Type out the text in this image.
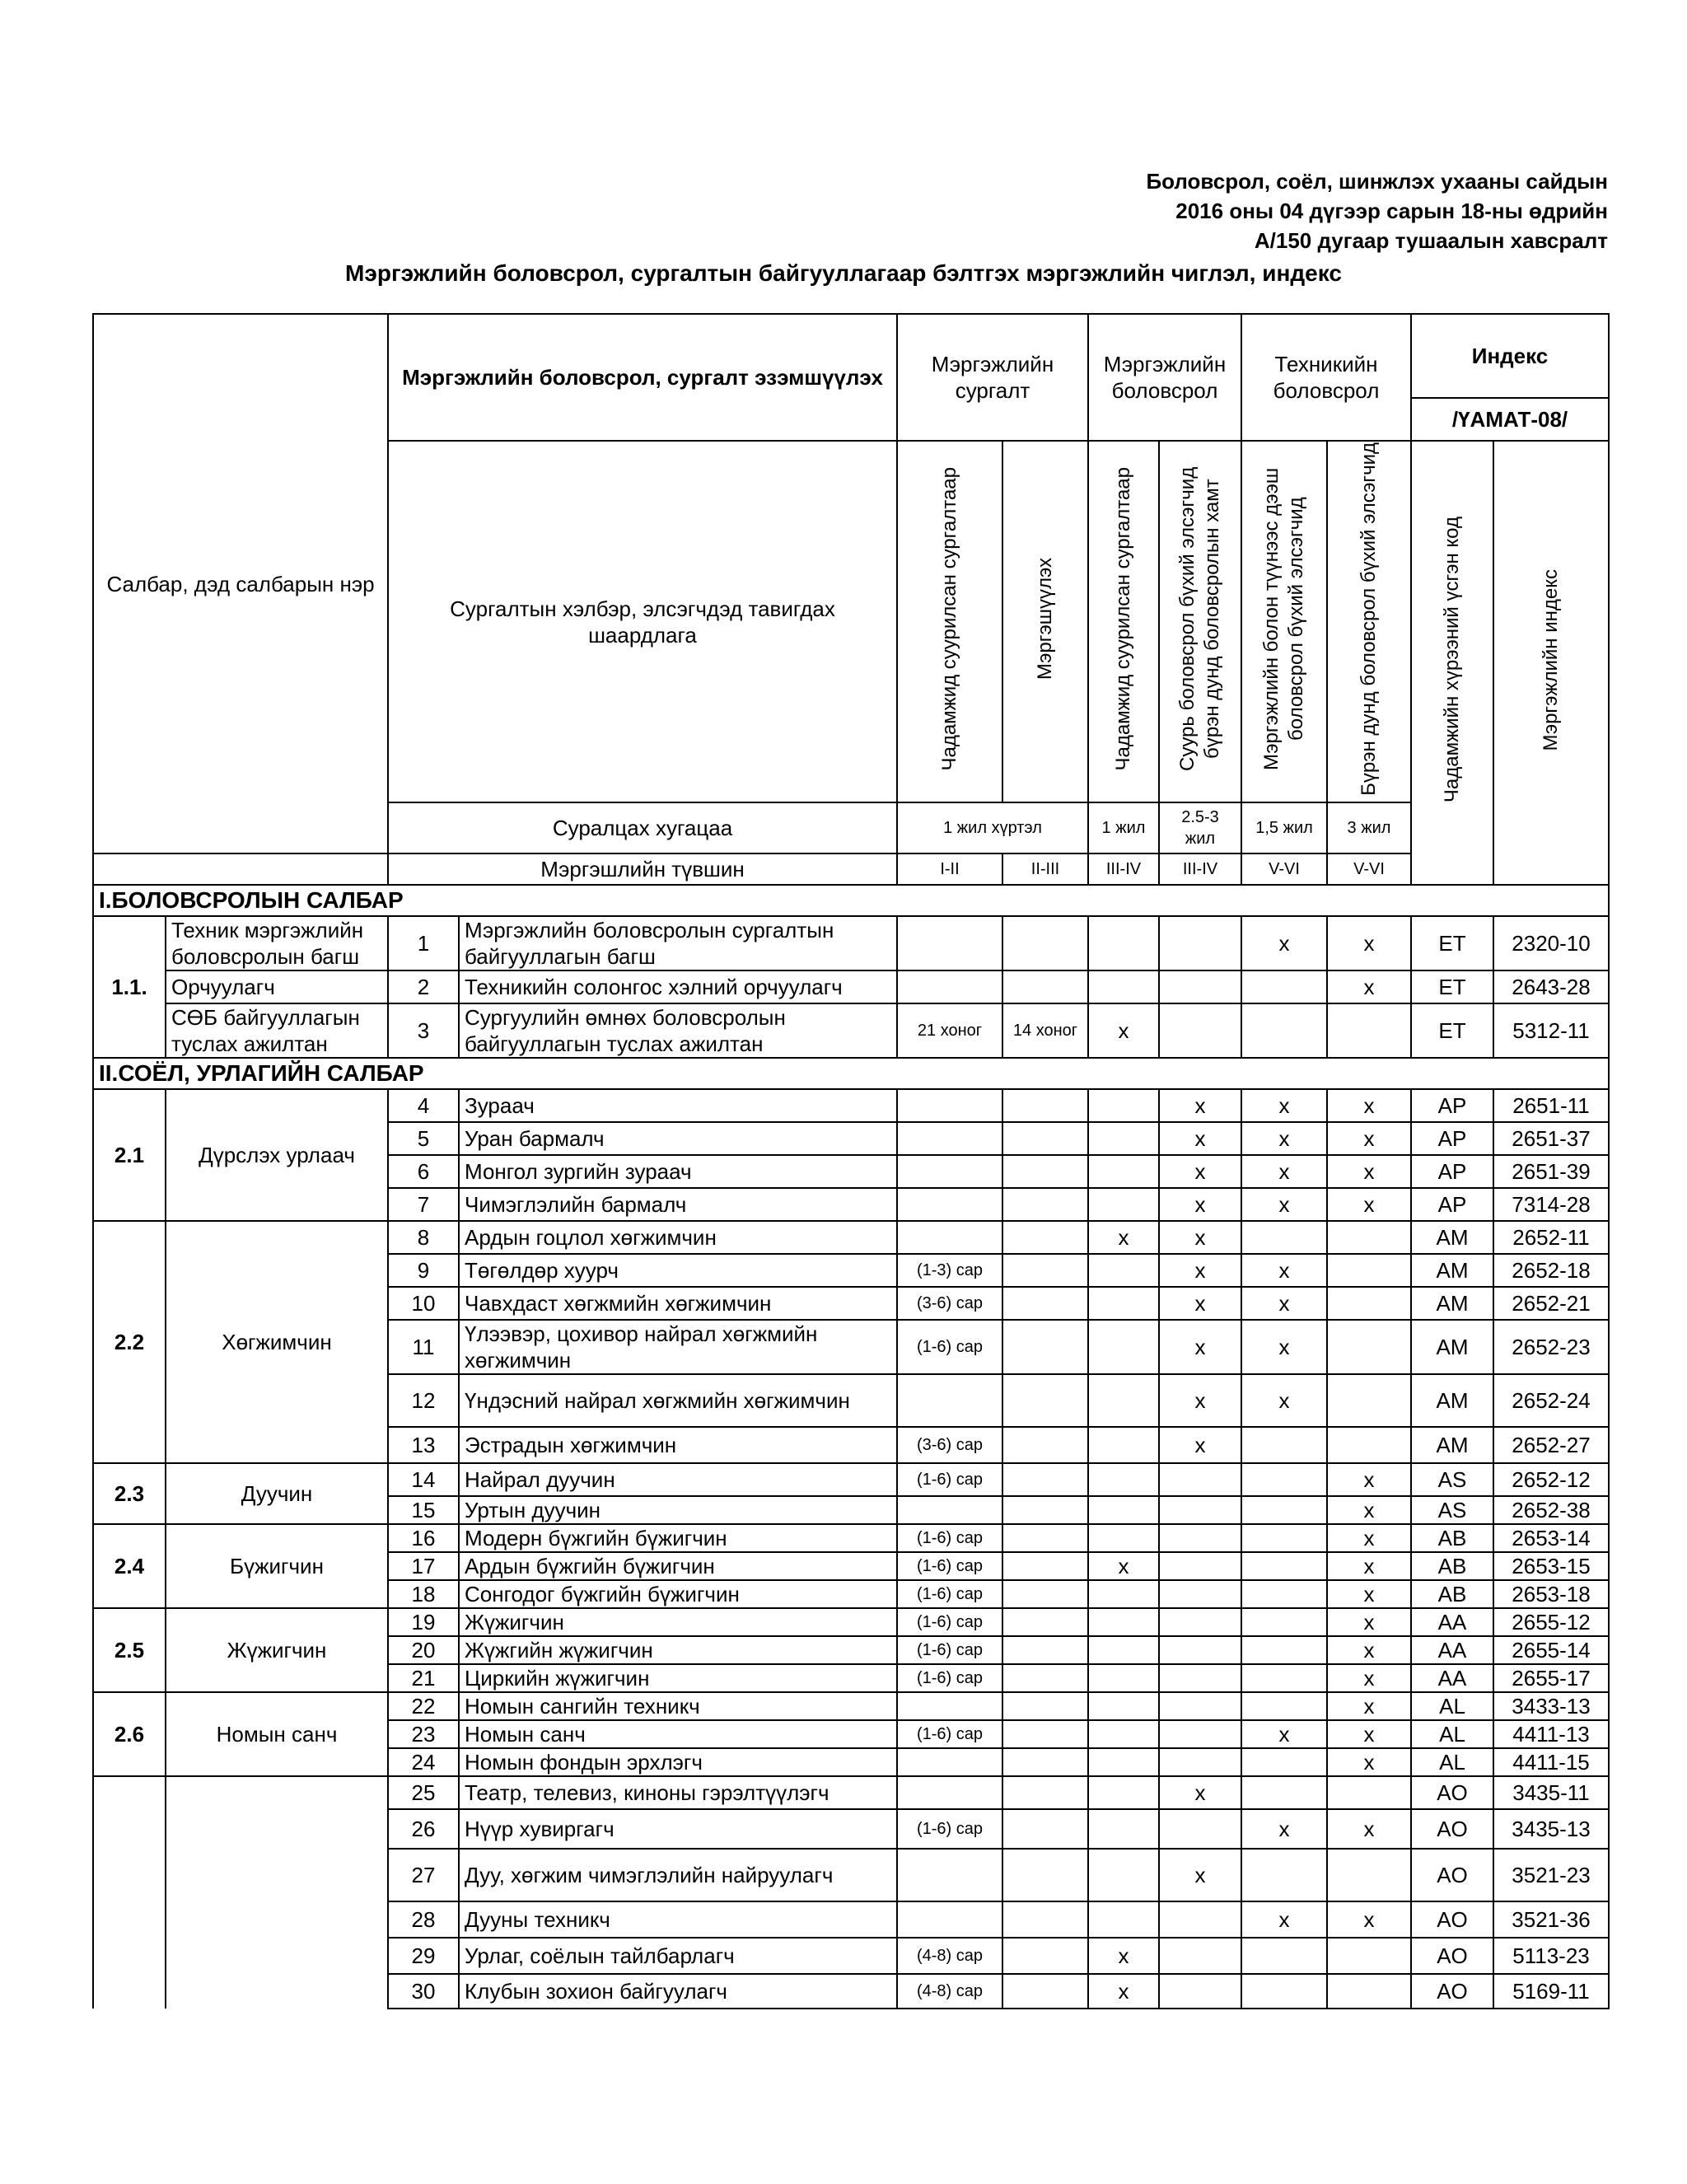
Боловсрол, соёл, шинжлэх ухааны сайдын
2016 оны 04 дүгээр сарын 18-ны өдрийн
А/150 дугаар тушаалын хавсралт
Мэргэжлийн боловсрол, сургалтын байгууллагаар бэлтгэх мэргэжлийн чиглэл, индекс
Салбар, дэд салбарын нэр		Мэргэжлийн боловсрол, сургалт эзэмшүүлэх		Мэргэжлийн сургалт		Мэргэжлийн боловсрол		Техникийн боловсрол		Индекс	
										/ҮАМАТ-08/	
		Сургалтын хэлбэр, элсэгчдэд тавигдах шаардлага		Чадамжид суурилсан сургалтаар	Мэргэшүүлэх	Чадамжид суурилсан сургалтаар	Суурь боловсрол бүхий элсэгчид бүрэн дунд боловсролын хамт	Мэргэжлийн болон түүнээс дээш боловсрол бүхий элсэгчид	Бүрэн дунд боловсрол бүхий элсэгчид	Чадамжийн хүрээний үсгэн код	Мэргэжлийн индекс
		Суралцах хугацаа		1 жил хүртэл		1 жил	2.5-3 жил	1,5 жил	3 жил		
		Мэргэшлийн түвшин		I-II	II-III	III-IV	III-IV	V-VI	V-VI		
I.БОЛОВСРОЛЫН САЛБАР											
1.1.	Техник мэргэжлийн боловсролын багш	1	Мэргэжлийн боловсролын сургалтын байгууллагын багш					x	x	ET	2320-10
	Орчуулагч	2	Техникийн солонгос хэлний орчуулагч						x	ET	2643-28
	СӨБ байгууллагын туслах ажилтан	3	Сургуулийн өмнөх боловсролын байгууллагын туслах ажилтан	21 хоног	14 хоног	x				ET	5312-11
II.СОЁЛ, УРЛАГИЙН САЛБАР											
2.1	Дүрслэх урлаач	4	Зураач				x	x	x	AP	2651-11
		5	Уран бармалч				x	x	x	AP	2651-37
		6	Монгол зургийн зураач				x	x	x	AP	2651-39
		7	Чимэглэлийн бармалч				x	x	x	AP	7314-28
2.2	Хөгжимчин	8	Ардын гоцлол хөгжимчин			x	x			AM	2652-11
		9	Төгөлдөр хуурч	(1-3) сар			x	x		AM	2652-18
		10	Чавхдаст хөгжмийн хөгжимчин	(3-6) сар			x	x		AM	2652-21
		11	Үлээвэр, цохивор найрал хөгжмийн хөгжимчин	(1-6) сар			x	x		AM	2652-23
		12	Үндэсний найрал хөгжмийн хөгжимчин				x	x		AM	2652-24
		13	Эстрадын хөгжимчин	(3-6) сар			x			AM	2652-27
2.3	Дуучин	14	Найрал дуучин	(1-6) сар					x	AS	2652-12
		15	Уртын дуучин						x	AS	2652-38
2.4	Бүжигчин	16	Модерн бүжгийн бүжигчин	(1-6) сар					x	AB	2653-14
		17	Ардын бүжгийн бүжигчин	(1-6) сар		x			x	AB	2653-15
		18	Сонгодог бүжгийн бүжигчин	(1-6) сар					x	AB	2653-18
2.5	Жүжигчин	19	Жүжигчин	(1-6) сар					x	AA	2655-12
		20	Жүжгийн жүжигчин	(1-6) сар					x	AA	2655-14
		21	Циркийн жүжигчин	(1-6) сар					x	AA	2655-17
2.6	Номын санч	22	Номын сангийн техникч						x	AL	3433-13
		23	Номын санч	(1-6) сар				x	x	AL	4411-13
		24	Номын фондын эрхлэгч						x	AL	4411-15
		25	Театр, телевиз, киноны гэрэлтүүлэгч				x			AO	3435-11
		26	Нүүр хувиргагч	(1-6) сар				x	x	AO	3435-13
		27	Дуу, хөгжим чимэглэлийн найруулагч				x			AO	3521-23
		28	Дууны техникч					x	x	AO	3521-36
		29	Урлаг, соёлын тайлбарлагч	(4-8) сар		x				AO	5113-23
		30	Клубын зохион байгуулагч	(4-8) сар		x				AO	5169-11
